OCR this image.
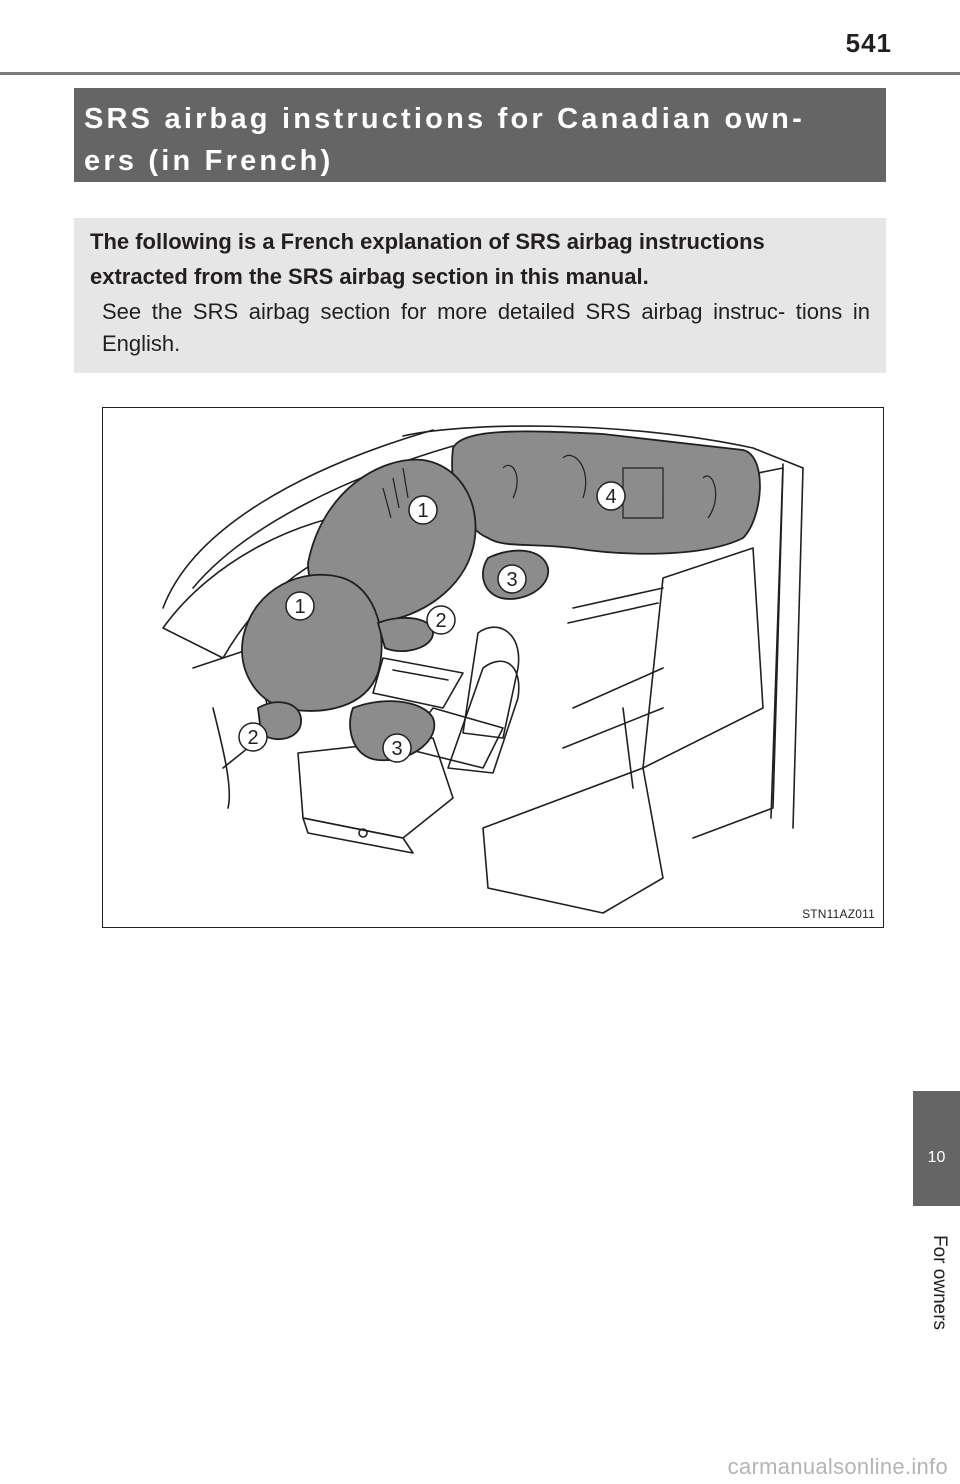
541
SRS airbag instructions for Canadian own-
ers (in French)
The following is a French explanation of SRS airbag instructions
extracted from the SRS airbag section in this manual.
See the SRS airbag section for more detailed SRS airbag instruc- tions in English.
1
1
2
2
3
3
4
STN11AZ011
10
For owners
carmanualsonline.info
